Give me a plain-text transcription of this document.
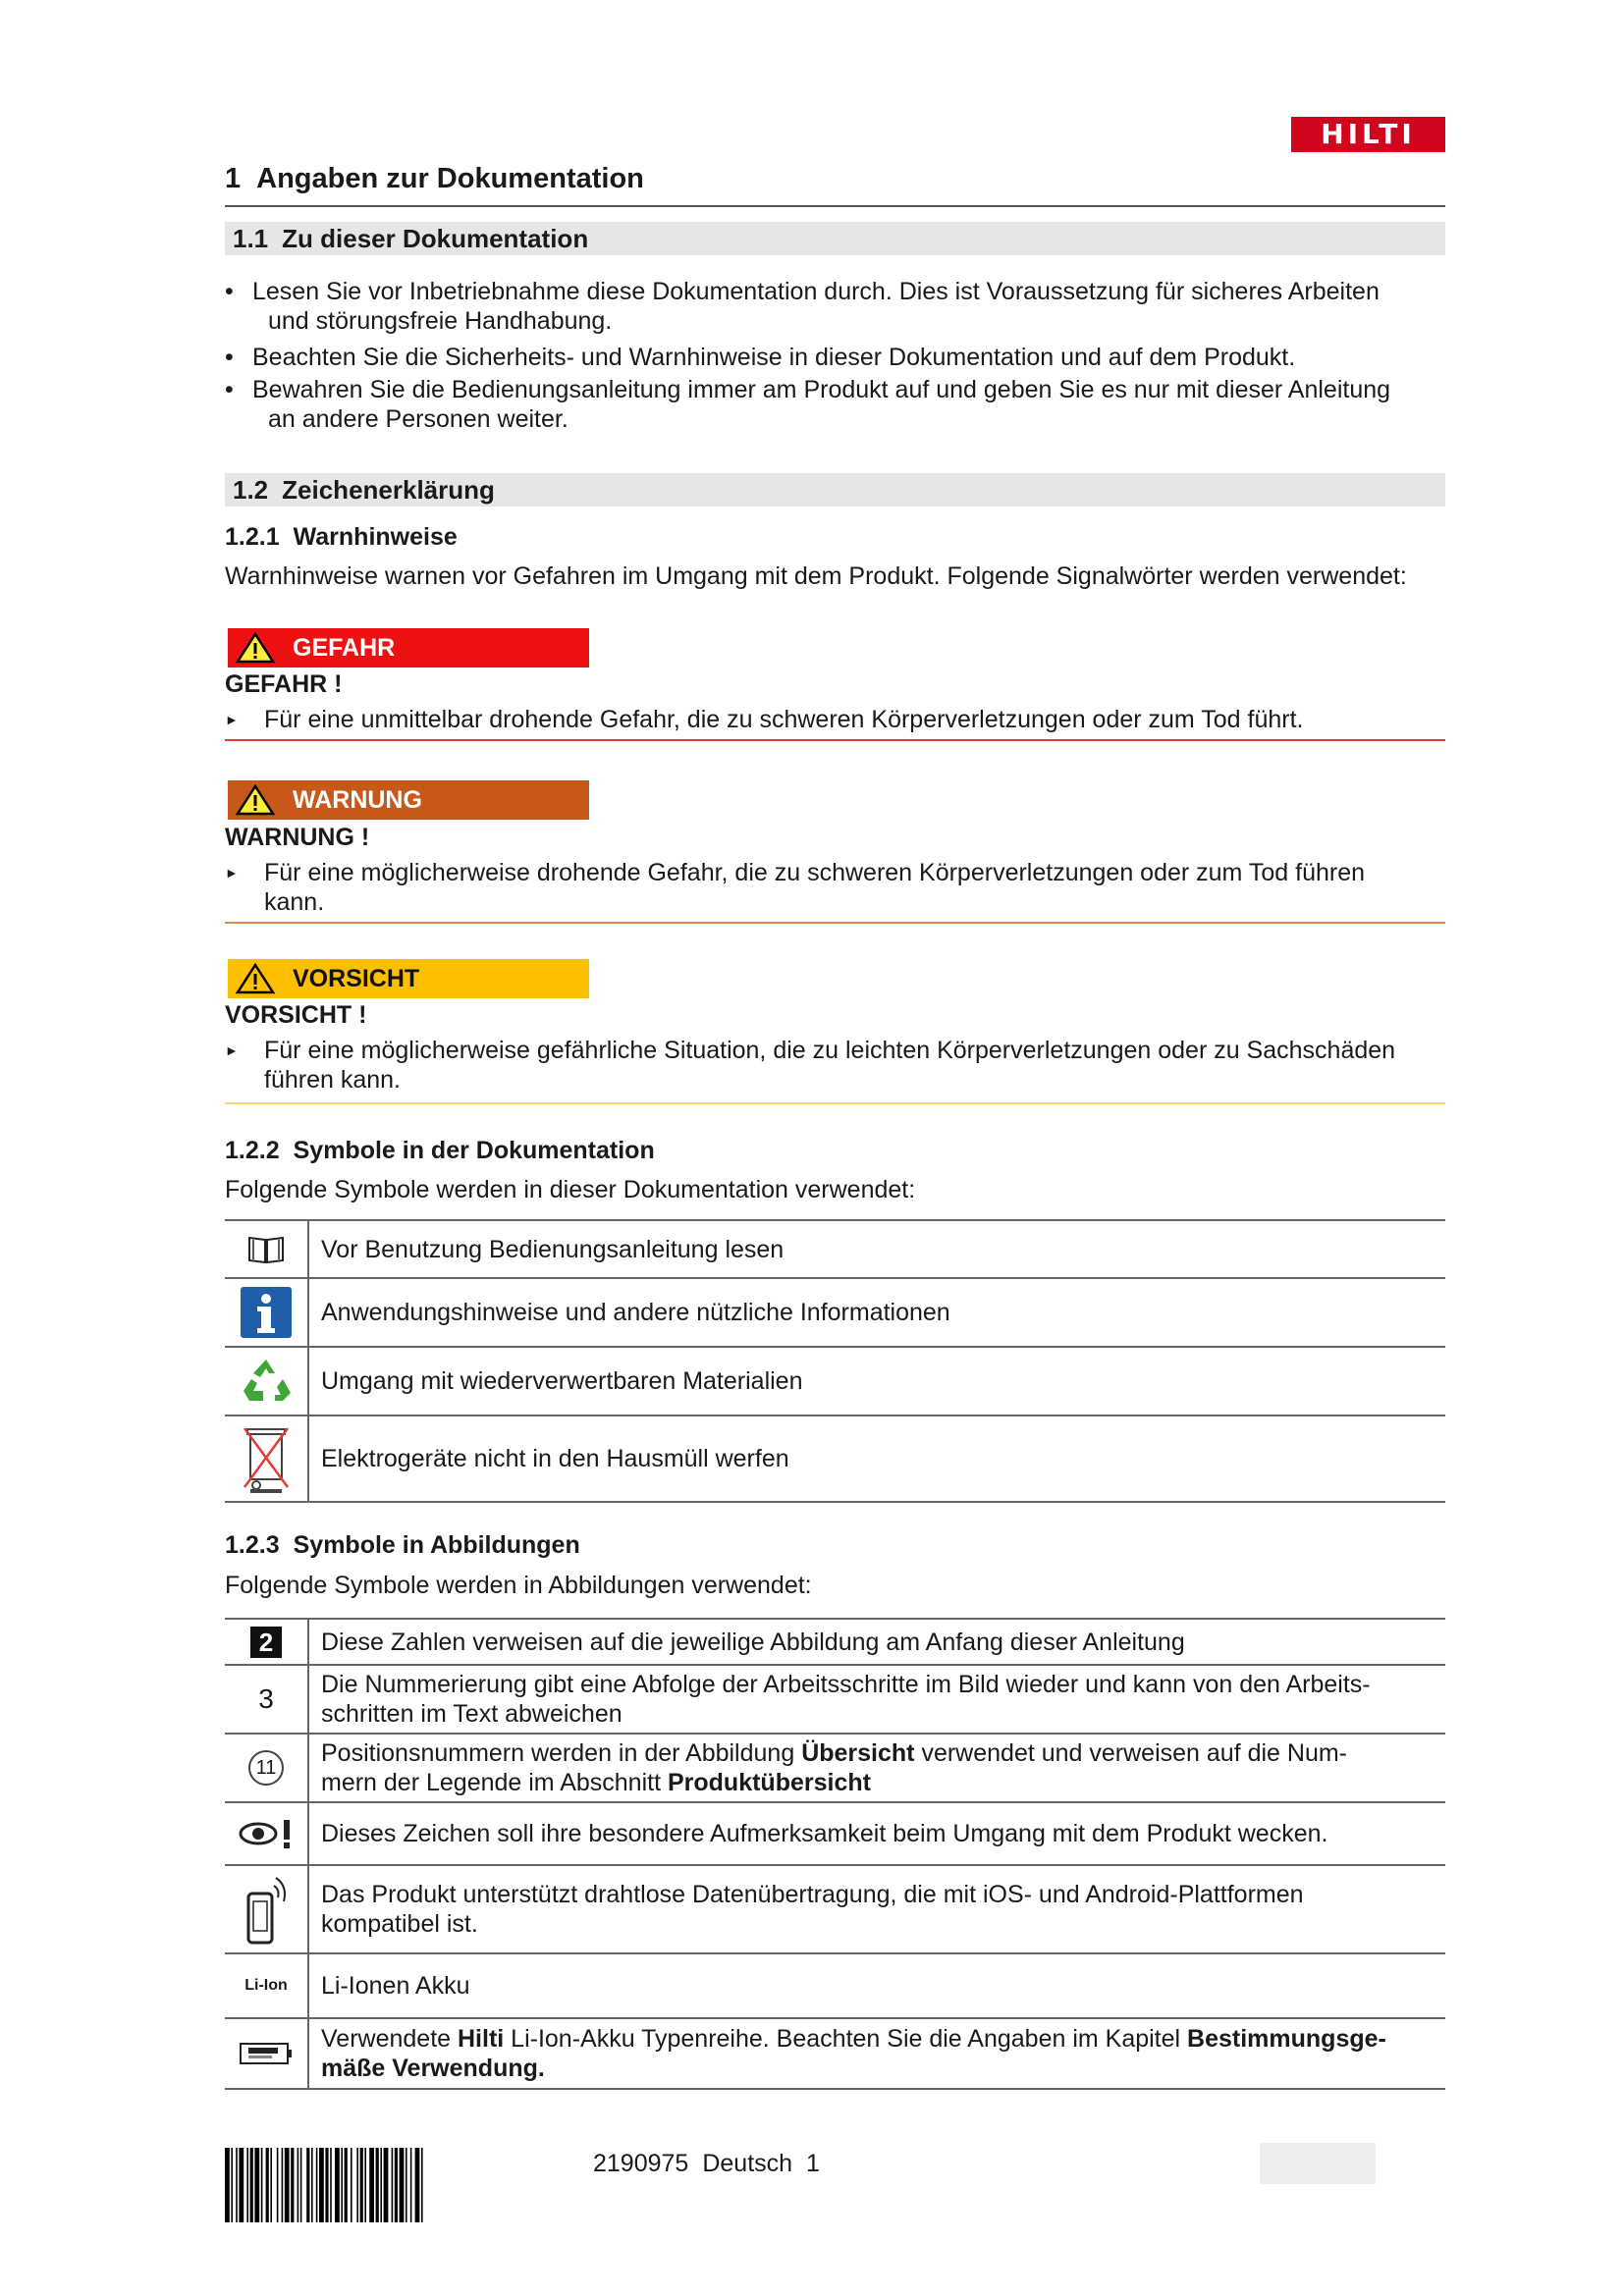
HILTI
1 Angaben zur Dokumentation
1.1 Zu dieser Dokumentation
• Lesen Sie vor Inbetriebnahme diese Dokumentation durch. Dies ist Voraussetzung für sicheres Arbeiten
und störungsfreie Handhabung.
• Beachten Sie die Sicherheits- und Warnhinweise in dieser Dokumentation und auf dem Produkt.
• Bewahren Sie die Bedienungsanleitung immer am Produkt auf und geben Sie es nur mit dieser Anleitung
an andere Personen weiter.
1.2 Zeichenerklärung
1.2.1 Warnhinweise
Warnhinweise warnen vor Gefahren im Umgang mit dem Produkt. Folgende Signalwörter werden verwendet:
GEFAHR
GEFAHR !
► Für eine unmittelbar drohende Gefahr, die zu schweren Körperverletzungen oder zum Tod führt.
WARNUNG
WARNUNG !
► Für eine möglicherweise drohende Gefahr, die zu schweren Körperverletzungen oder zum Tod führen
kann.
VORSICHT
VORSICHT !
► Für eine möglicherweise gefährliche Situation, die zu leichten Körperverletzungen oder zu Sachschäden
führen kann.
1.2.2 Symbole in der Dokumentation
Folgende Symbole werden in dieser Dokumentation verwendet:
Vor Benutzung Bedienungsanleitung lesen
Anwendungshinweise und andere nützliche Informationen
Umgang mit wiederverwertbaren Materialien
Elektrogeräte nicht in den Hausmüll werfen
1.2.3 Symbole in Abbildungen
Folgende Symbole werden in Abbildungen verwendet:
2	Diese Zahlen verweisen auf die jeweilige Abbildung am Anfang dieser Anleitung
3 Die Nummerierung gibt eine Abfolge der Arbeitsschritte im Bild wieder und kann von den Arbeits-
schritten im Text abweichen
11
Positionsnummern werden in der Abbildung Übersicht verwendet und verweisen auf die Num-
mern der Legende im Abschnitt Produktübersicht
Dieses Zeichen soll ihre besondere Aufmerksamkeit beim Umgang mit dem Produkt wecken.
Das Produkt unterstützt drahtlose Datenübertragung, die mit iOS- und Android-Plattformen
kompatibel ist.
Li-Ion Li-Ionen Akku
Verwendete Hilti Li-Ion-Akku Typenreihe. Beachten Sie die Angaben im Kapitel Bestimmungsge-
mäße Verwendung.
2190975 Deutsch 1
